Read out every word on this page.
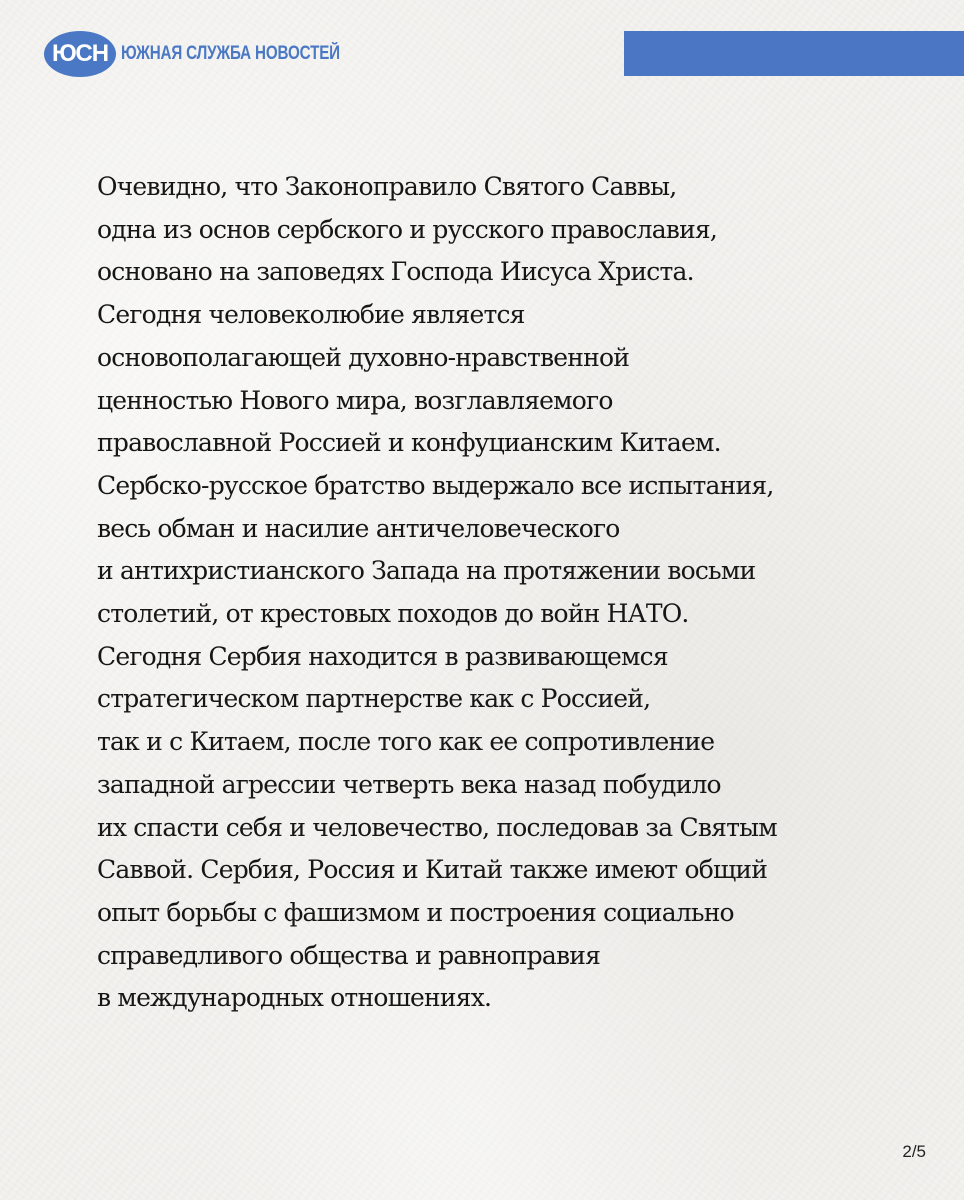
ЮСН ЮЖНАЯ СЛУЖБА НОВОСТЕЙ
Очевидно, что Законоправило Святого Саввы,
одна из основ сербского и русского православия,
основано на заповедях Господа Иисуса Христа.
Сегодня человеколюбие является
основополагающей духовно-нравственной
ценностью Нового мира, возглавляемого
православной Россией и конфуцианским Китаем.
Сербско-русское братство выдержало все испытания,
весь обман и насилие античеловеческого
и антихристианского Запада на протяжении восьми
столетий, от крестовых походов до войн НАТО.
Сегодня Сербия находится в развивающемся
стратегическом партнерстве как с Россией,
так и с Китаем, после того как ее сопротивление
западной агрессии четверть века назад побудило
их спасти себя и человечество, последовав за Святым
Саввой. Сербия, Россия и Китай также имеют общий
опыт борьбы с фашизмом и построения социально
справедливого общества и равноправия
в международных отношениях.
2/5
